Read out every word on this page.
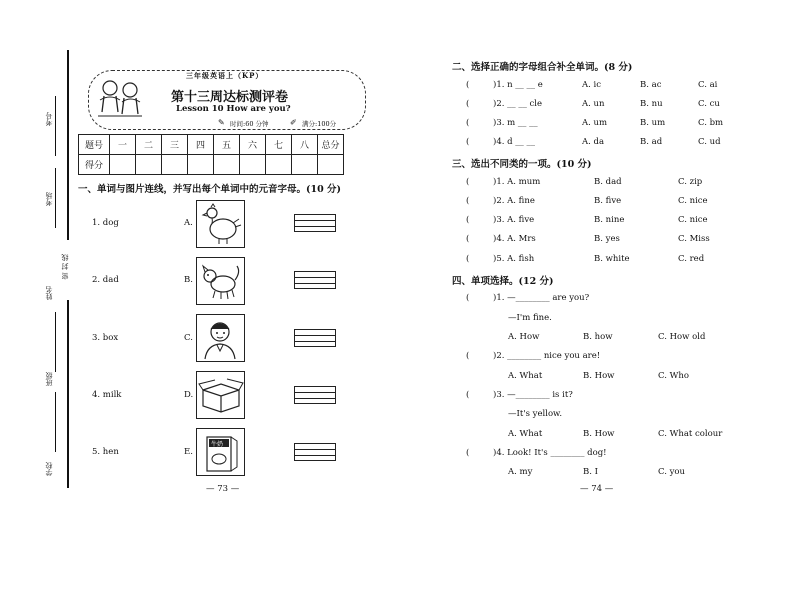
考号
考场
姓名
密 封 线
班级
学校
三年级英语上（KP）
第十三周达标测评卷
Lesson 10 How are you?
✎ 时间:60 分钟	✐ 满分:100分
题号	一	二	三	四	五	六	七	八	总分
得分									
一、单词与图片连线，并写出每个单词中的元音字母。(10 分)
1. dog	A.
2. dad	B.
3. box	C.
4. milk	D.
5. hen	E.
牛奶
— 73 —
二、选择正确的字母组合补全单词。(8 分)
(	)1. n __ __ e	A. ic	B. ac	C. ai
(	)2. __ __ cle	A. un	B. nu	C. cu
(	)3. m __ __	A. um	B. um	C. bm
(	)4. d __ __	A. da	B. ad	C. ud
三、选出不同类的一项。(10 分)
(	)1. A. mum	B. dad	C. zip
(	)2. A. fine	B. five	C. nice
(	)3. A. five	B. nine	C. nice
(	)4. A. Mrs	B. yes	C. Miss
(	)5. A. fish	B. white	C. red
四、单项选择。(12 分)
(	)1. —________ are you?
—I'm fine.
A. How	B. how	C. How old
(	)2. ________ nice you are!
A. What	B. How	C. Who
(	)3. —________ is it?
—It's yellow.
A. What	B. How	C. What colour
(	)4. Look! It's ________ dog!
A. my	B. I	C. you
— 74 —
